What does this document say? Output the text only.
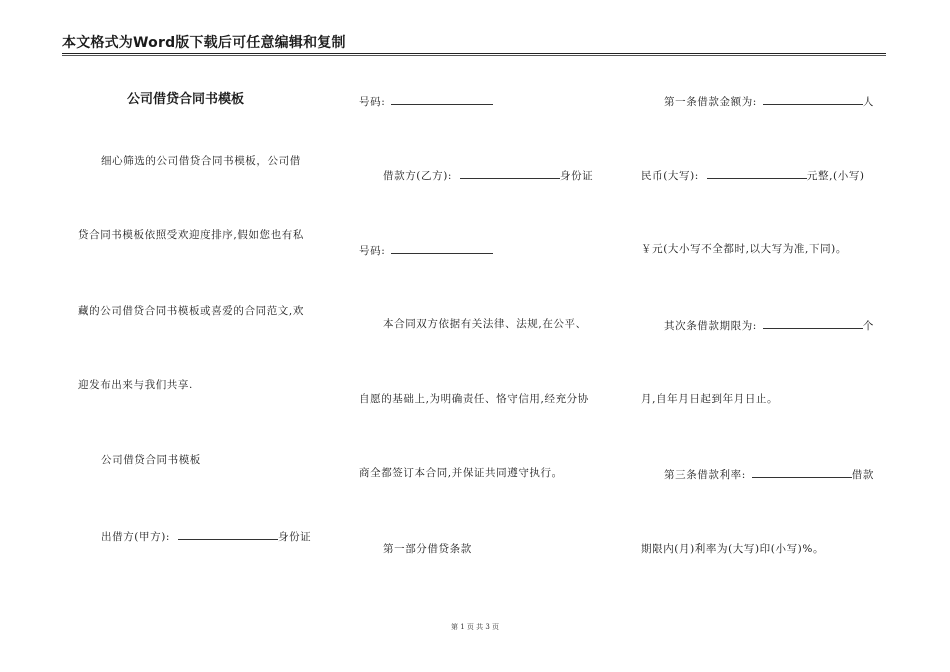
本文格式为Word版下载后可任意编辑和复制
公司借贷合同书模板
细心筛选的公司借贷合同书模板，公司借
贷合同书模板依照受欢迎度排序,假如您也有私
藏的公司借贷合同书模板或喜爱的合同范文,欢
迎发布出来与我们共享.
公司借贷合同书模板
出借方(甲方):	身份证
号码:
借款方(乙方):	身份证
号码:
本合同双方依据有关法律、法规,在公平、
自愿的基础上,为明确责任、恪守信用,经充分协
商全都签订本合同,并保证共同遵守执行。
第一部分借贷条款
第一条借款金额为:	人
民币(大写):	元整,(小写)
￥元(大小写不全都时,以大写为准,下同)。
其次条借款期限为:	个
月,自年月日起到年月日止。
第三条借款利率:	借款
期限内(月)利率为(大写)印(小写)%。
第 1 页 共 3 页
